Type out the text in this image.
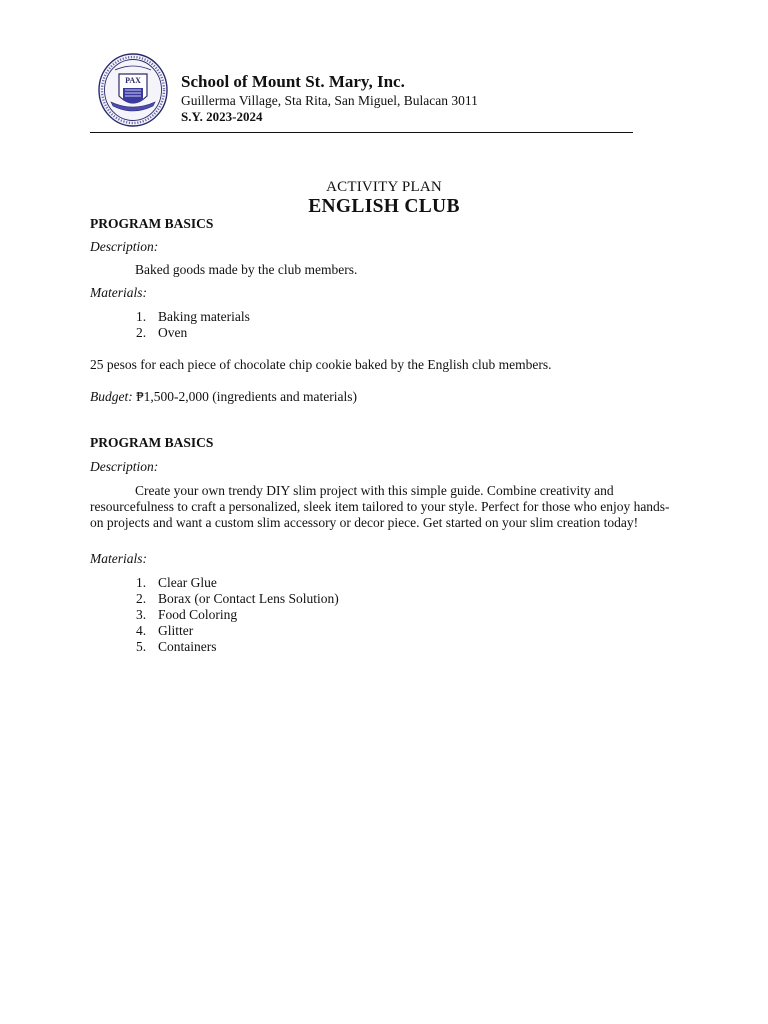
PAX School of Mount St. Mary, Inc.
Guillerma Village, Sta Rita, San Miguel, Bulacan 3011
S.Y. 2023-2024
ACTIVITY PLAN
ENGLISH CLUB
PROGRAM BASICS
Description:
Baked goods made by the club members.
Materials:
1. Baking materials
2. Oven
25 pesos for each piece of chocolate chip cookie baked by the English club members.
Budget: ₱1,500-2,000 (ingredients and materials)
PROGRAM BASICS
Description:
Create your own trendy DIY slim project with this simple guide. Combine creativity and resourcefulness to craft a personalized, sleek item tailored to your style. Perfect for those who enjoy hands-on projects and want a custom slim accessory or decor piece. Get started on your slim creation today!
Materials:
1. Clear Glue
2. Borax (or Contact Lens Solution)
3. Food Coloring
4. Glitter
5. Containers
